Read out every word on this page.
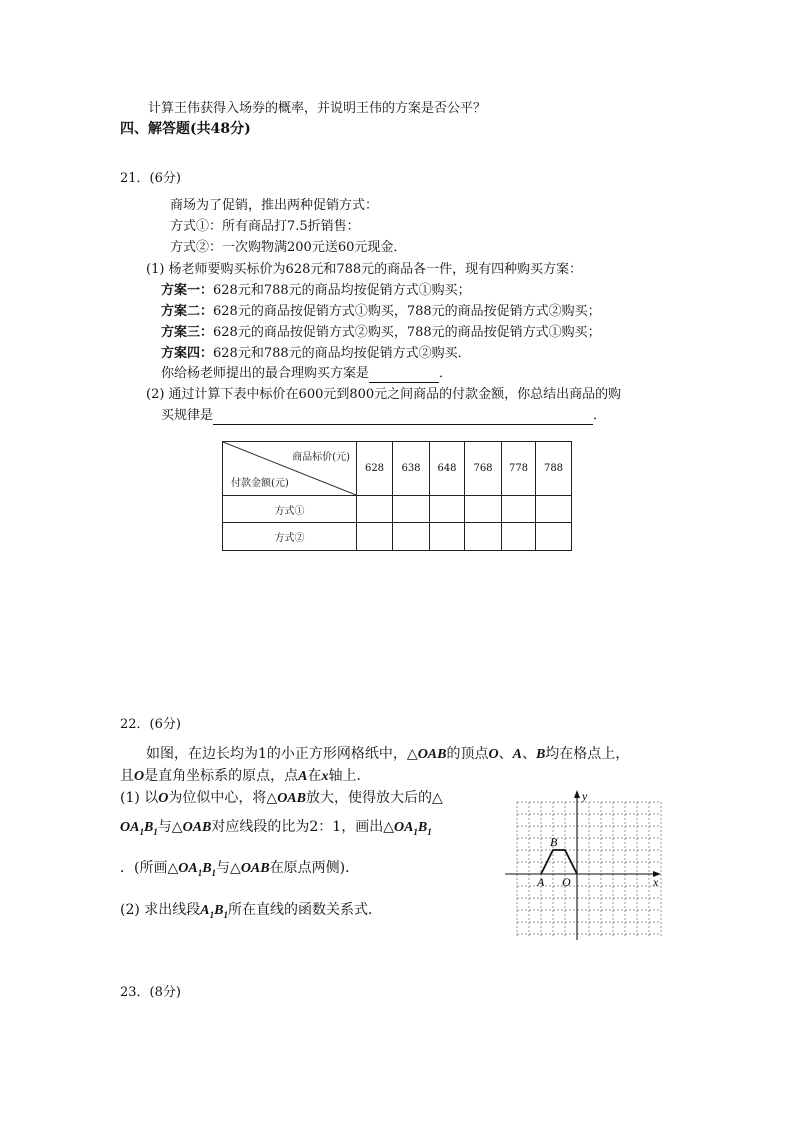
计算王伟获得入场券的概率，并说明王伟的方案是否公平？
四、解答题(共48分)
21．(6分)
商场为了促销，推出两种促销方式：
方式①：所有商品打7.5折销售：
方式②：一次购物满200元送60元现金．
(1) 杨老师要购买标价为628元和788元的商品各一件，现有四种购买方案：
方案一：628元和788元的商品均按促销方式①购买；
方案二：628元的商品按促销方式①购买，788元的商品按促销方式②购买；
方案三：628元的商品按促销方式②购买，788元的商品按促销方式①购买；
方案四：628元和788元的商品均按促销方式②购买．
你给杨老师提出的最合理购买方案是	．
(2) 通过计算下表中标价在600元到800元之间商品的付款金额，你总结出商品的购
买规律是	．
商品标价(元)
付款金额(元)	628	638	648	768	778	788
方式①						
方式②						
22．(6分)
如图，在边长均为1的小正方形网格纸中，△OAB的顶点O、A、B均在格点上，
且O是直角坐标系的原点，点A在x轴上．
(1) 以O为位似中心，将△OAB放大，使得放大后的△
$OA_1B_1$与△OAB对应线段的比为2：1，画出$\triangle OA_1B_1$
．(所画$\triangle OA_1B_1$与△OAB在原点两侧)．
(2) 求出线段$A_1B_1$所在直线的函数关系式．
y
x
B
A O
23．(8分)
